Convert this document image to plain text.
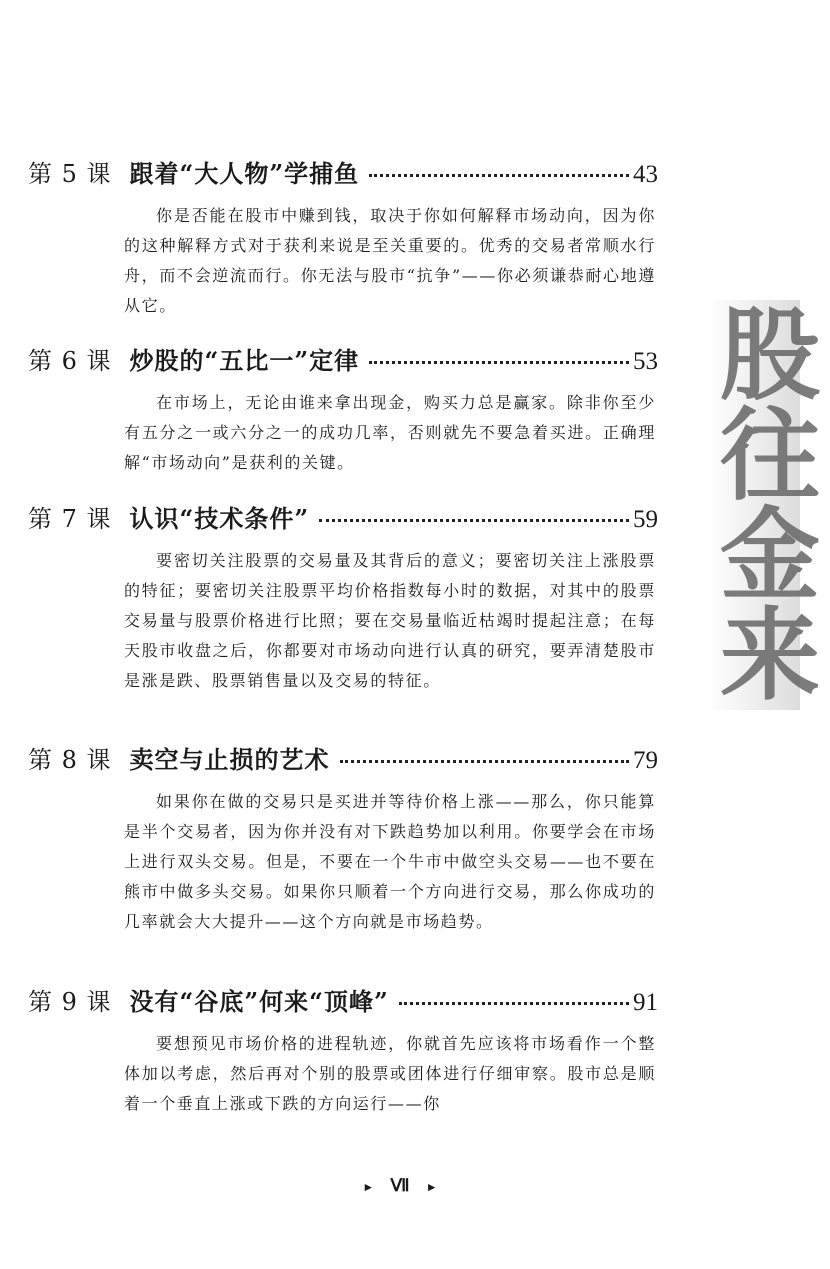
第 5 课 跟着“大人物”学捕鱼	43

你是否能在股市中赚到钱，取决于你如何解释市场动向，因为你的这种解释方式对于获利来说是至关重要的。优秀的交易者常顺水行舟，而不会逆流而行。你无法与股市“抗争”——你必须谦恭耐心地遵从它。

第 6 课 炒股的“五比一”定律	53

在市场上，无论由谁来拿出现金，购买力总是赢家。除非你至少有五分之一或六分之一的成功几率，否则就先不要急着买进。正确理解“市场动向”是获利的关键。

第 7 课 认识“技术条件”	59

要密切关注股票的交易量及其背后的意义；要密切关注上涨股票的特征；要密切关注股票平均价格指数每小时的数据，对其中的股票交易量与股票价格进行比照；要在交易量临近枯竭时提起注意；在每天股市收盘之后，你都要对市场动向进行认真的研究，要弄清楚股市是涨是跌、股票销售量以及交易的特征。

第 8 课 卖空与止损的艺术	79

如果你在做的交易只是买进并等待价格上涨——那么，你只能算是半个交易者，因为你并没有对下跌趋势加以利用。你要学会在市场上进行双头交易。但是，不要在一个牛市中做空头交易——也不要在熊市中做多头交易。如果你只顺着一个方向进行交易，那么你成功的几率就会大大提升——这个方向就是市场趋势。

第 9 课 没有“谷底”何来“顶峰”	91

要想预见市场价格的进程轨迹，你就首先应该将市场看作一个整体加以考虑，然后再对个别的股票或团体进行仔细审察。股市总是顺着一个垂直上涨或下跌的方向运行——你

股
往
金
来
► Ⅶ ►
